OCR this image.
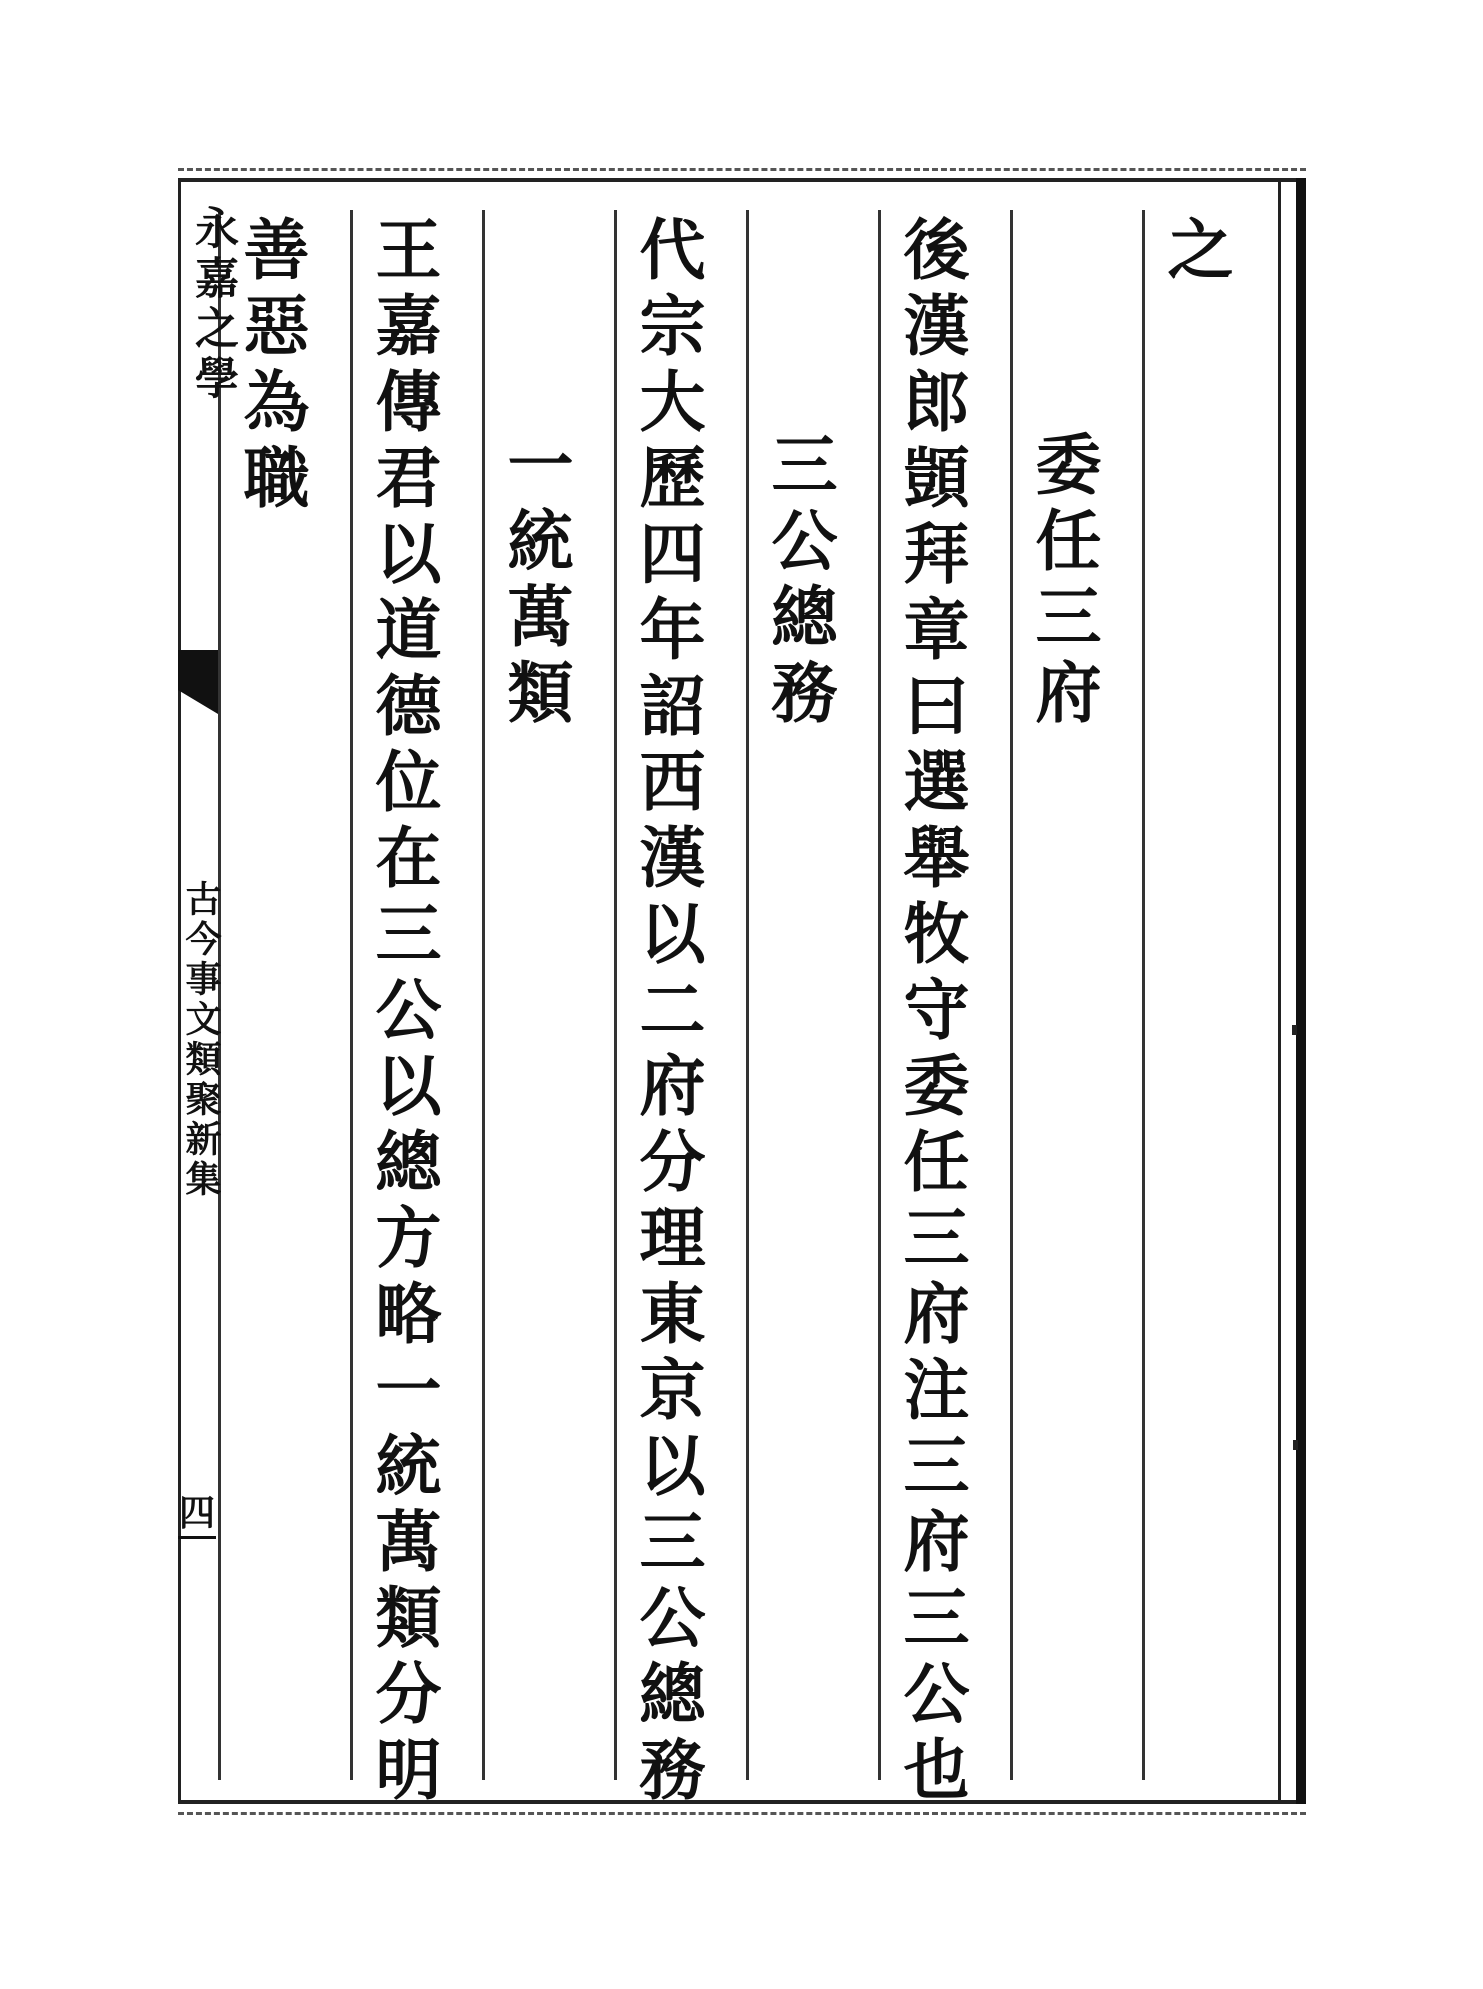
之
委任三府
後漢郎顗拜章曰選舉牧守委任三府注三府三公也
三公總務
代宗大歷四年詔西漢以二府分理東京以三公總務
一統萬類
王嘉傳君以道德位在三公以總方略一統萬類分明
善惡為職
永嘉之學
古今事文類聚新集
四
